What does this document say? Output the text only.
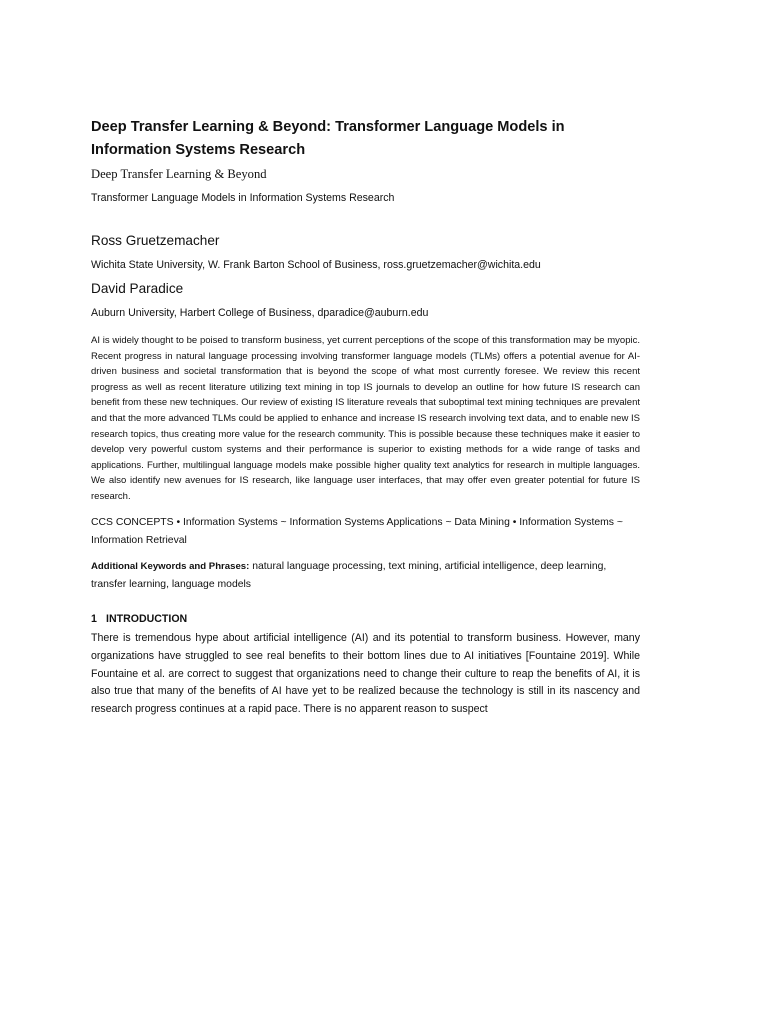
Deep Transfer Learning & Beyond: Transformer Language Models in Information Systems Research

Deep Transfer Learning & Beyond

Transformer Language Models in Information Systems Research

Ross Gruetzemacher

Wichita State University, W. Frank Barton School of Business, ross.gruetzemacher@wichita.edu

David Paradice

Auburn University, Harbert College of Business, dparadice@auburn.edu

AI is widely thought to be poised to transform business, yet current perceptions of the scope of this transformation may be myopic. Recent progress in natural language processing involving transformer language models (TLMs) offers a potential avenue for AI-driven business and societal transformation that is beyond the scope of what most currently foresee. We review this recent progress as well as recent literature utilizing text mining in top IS journals to develop an outline for how future IS research can benefit from these new techniques. Our review of existing IS literature reveals that suboptimal text mining techniques are prevalent and that the more advanced TLMs could be applied to enhance and increase IS research involving text data, and to enable new IS research topics, thus creating more value for the research community. This is possible because these techniques make it easier to develop very powerful custom systems and their performance is superior to existing methods for a wide range of tasks and applications. Further, multilingual language models make possible higher quality text analytics for research in multiple languages. We also identify new avenues for IS research, like language user interfaces, that may offer even greater potential for future IS research.

CCS CONCEPTS • Information Systems ~ Information Systems Applications ~ Data Mining • Information Systems ~ Information Retrieval

Additional Keywords and Phrases: natural language processing, text mining, artificial intelligence, deep learning, transfer learning, language models

1 INTRODUCTION

There is tremendous hype about artificial intelligence (AI) and its potential to transform business. However, many organizations have struggled to see real benefits to their bottom lines due to AI initiatives [Fountaine 2019]. While Fountaine et al. are correct to suggest that organizations need to change their culture to reap the benefits of AI, it is also true that many of the benefits of AI have yet to be realized because the technology is still in its nascency and research progress continues at a rapid pace. There is no apparent reason to suspect
